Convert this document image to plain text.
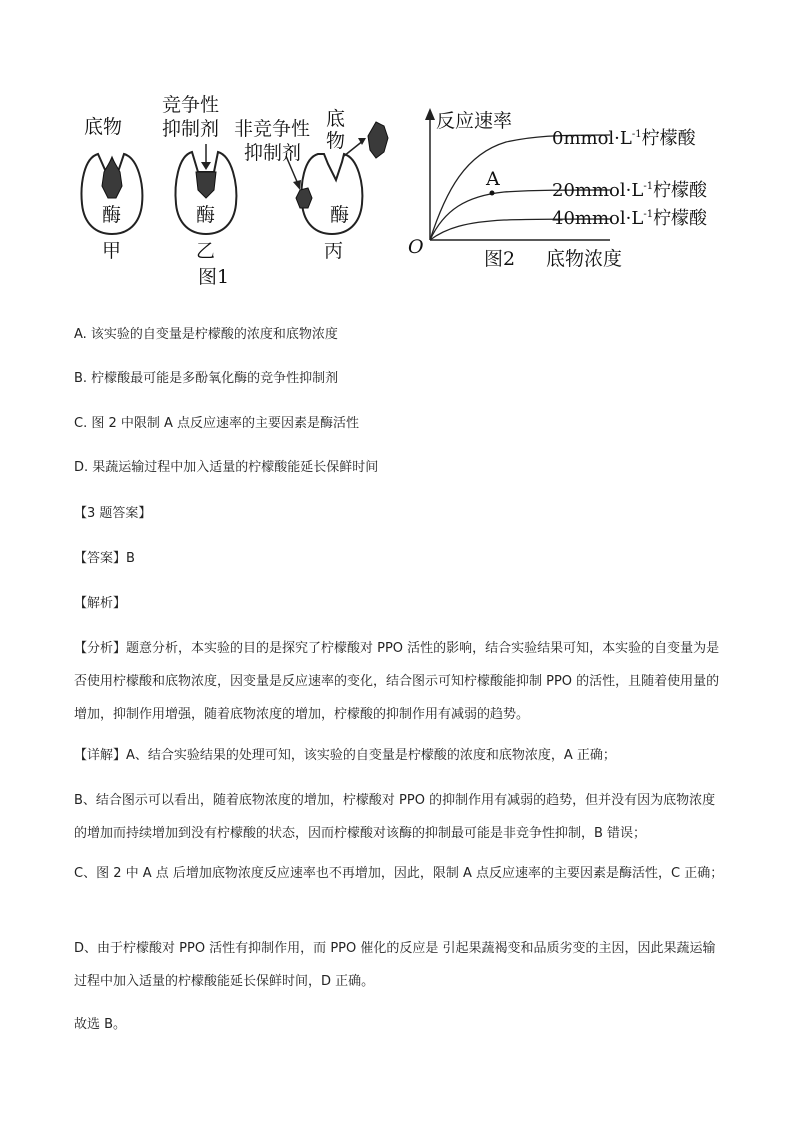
底物
竞争性
抑制剂 非竞争性
抑制剂
底
物
酶	酶	酶
甲	乙	丙
图1
反应速率
O
A
图2 底物浓度
$0mmol\cdot L^{-1}$柠檬酸
$20mmol\cdot L^{-1}$柠檬酸
$40mmol\cdot L^{-1}$柠檬酸
A. 该实验的自变量是柠檬酸的浓度和底物浓度
B. 柠檬酸最可能是多酚氧化酶的竞争性抑制剂
C. 图 2 中限制 A 点反应速率的主要因素是酶活性
D. 果蔬运输过程中加入适量的柠檬酸能延长保鲜时间
【3 题答案】
【答案】B
【解析】
【分析】题意分析，本实验的目的是探究了柠檬酸对 PPO 活性的影响，结合实验结果可知，本实验的自变量为是否使用柠檬酸和底物浓度，因变量是反应速率的变化，结合图示可知柠檬酸能抑制 PPO 的活性，且随着使用量的增加，抑制作用增强，随着底物浓度的增加，柠檬酸的抑制作用有减弱的趋势。
【详解】A、结合实验结果的处理可知，该实验的自变量是柠檬酸的浓度和底物浓度，A 正确；
B、结合图示可以看出，随着底物浓度的增加，柠檬酸对 PPO 的抑制作用有减弱的趋势，但并没有因为底物浓度的增加而持续增加到没有柠檬酸的状态，因而柠檬酸对该酶的抑制最可能是非竞争性抑制，B 错误；
C、图 2 中 A 点 后增加底物浓度反应速率也不再增加，因此，限制 A 点反应速率的主要因素是酶活性，C 正确；
D、由于柠檬酸对 PPO 活性有抑制作用，而 PPO 催化的反应是 引起果蔬褐变和品质劣变的主因，因此果蔬运输过程中加入适量的柠檬酸能延长保鲜时间，D 正确。
故选 B。
